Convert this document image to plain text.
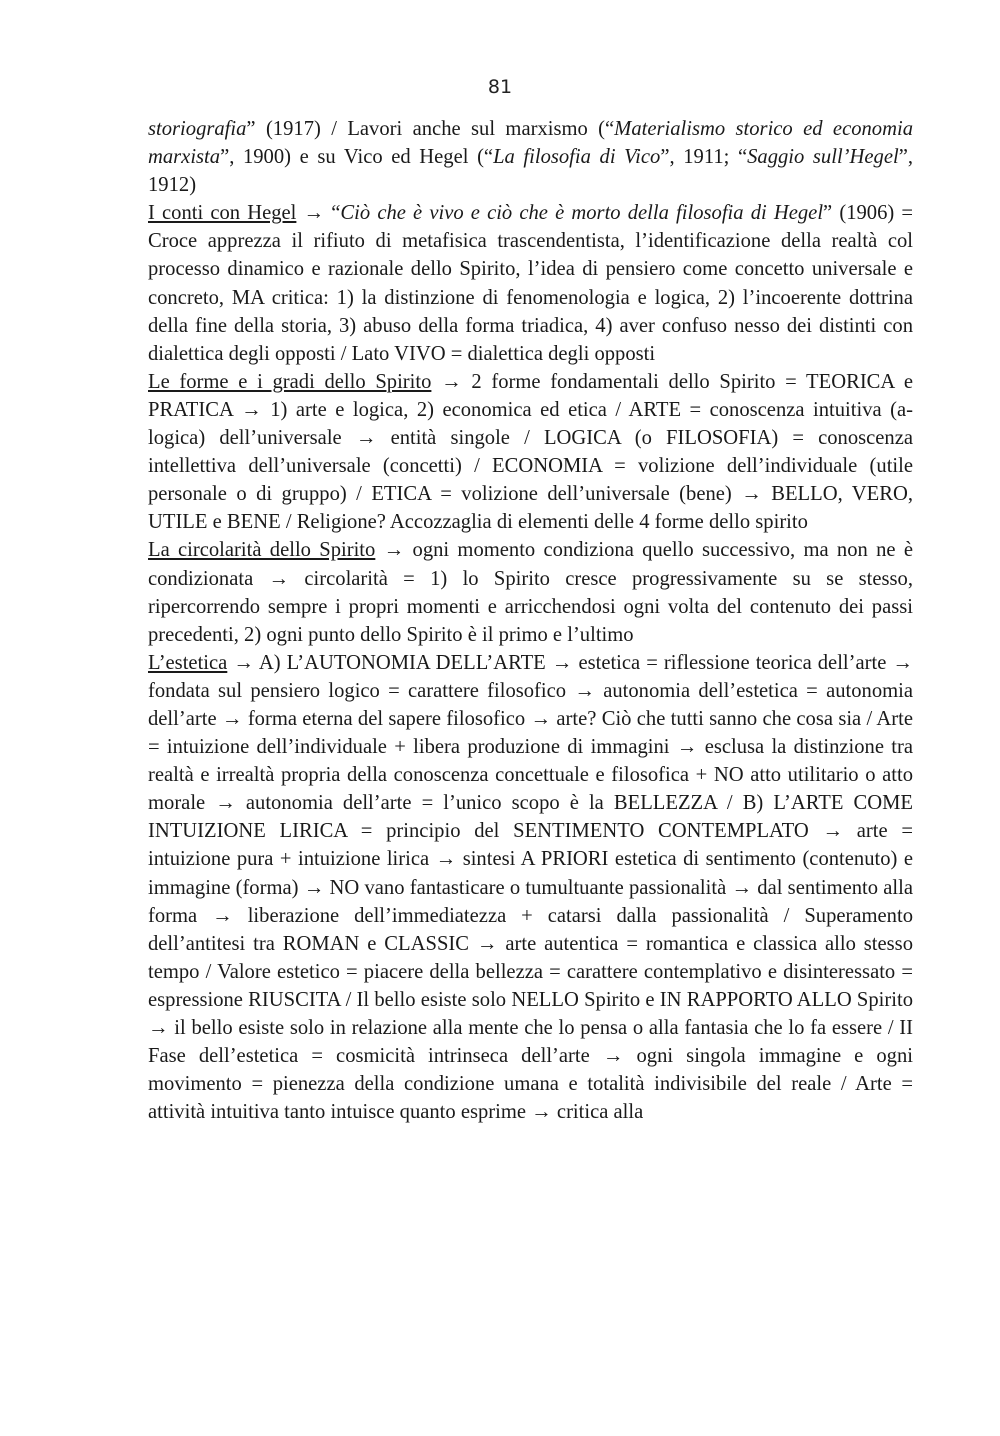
81

storiografia” (1917) / Lavori anche sul marxismo (“Materialismo storico ed economia marxista”, 1900) e su Vico ed Hegel (“La filosofia di Vico”, 1911; “Saggio sull’Hegel”, 1912)

I conti con Hegel → “Ciò che è vivo e ciò che è morto della filosofia di Hegel” (1906) = Croce apprezza il rifiuto di metafisica trascendentista, l’identificazione della realtà col processo dinamico e razionale dello Spirito, l’idea di pensiero come concetto universale e concreto, MA critica: 1) la distinzione di fenomenologia e logica, 2) l’incoerente dottrina della fine della storia, 3) abuso della forma triadica, 4) aver confuso nesso dei distinti con dialettica degli opposti / Lato VIVO = dialettica degli opposti

Le forme e i gradi dello Spirito → 2 forme fondamentali dello Spirito = TEORICA e PRATICA → 1) arte e logica, 2) economica ed etica / ARTE = conoscenza intuitiva (a-logica) dell’universale → entità singole / LOGICA (o FILOSOFIA) = conoscenza intellettiva dell’universale (concetti) / ECONOMIA = volizione dell’individuale (utile personale o di gruppo) / ETICA = volizione dell’universale (bene) → BELLO, VERO, UTILE e BENE / Religione? Accozzaglia di elementi delle 4 forme dello spirito

La circolarità dello Spirito → ogni momento condiziona quello successivo, ma non ne è condizionata → circolarità = 1) lo Spirito cresce progressivamente su se stesso, ripercorrendo sempre i propri momenti e arricchendosi ogni volta del contenuto dei passi precedenti, 2) ogni punto dello Spirito è il primo e l’ultimo

L’estetica → A) L’AUTONOMIA DELL’ARTE → estetica = riflessione teorica dell’arte → fondata sul pensiero logico = carattere filosofico → autonomia dell’estetica = autonomia dell’arte → forma eterna del sapere filosofico → arte? Ciò che tutti sanno che cosa sia / Arte = intuizione dell’individuale + libera produzione di immagini → esclusa la distinzione tra realtà e irrealtà propria della conoscenza concettuale e filosofica + NO atto utilitario o atto morale → autonomia dell’arte = l’unico scopo è la BELLEZZA / B) L’ARTE COME INTUIZIONE LIRICA = principio del SENTIMENTO CONTEMPLATO → arte = intuizione pura + intuizione lirica → sintesi A PRIORI estetica di sentimento (contenuto) e immagine (forma) → NO vano fantasticare o tumultuante passionalità → dal sentimento alla forma → liberazione dell’immediatezza + catarsi dalla passionalità / Superamento dell’antitesi tra ROMAN e CLASSIC → arte autentica = romantica e classica allo stesso tempo / Valore estetico = piacere della bellezza = carattere contemplativo e disinteressato = espressione RIUSCITA / Il bello esiste solo NELLO Spirito e IN RAPPORTO ALLO Spirito → il bello esiste solo in relazione alla mente che lo pensa o alla fantasia che lo fa essere / II Fase dell’estetica = cosmicità intrinseca dell’arte → ogni singola immagine e ogni movimento = pienezza della condizione umana e totalità indivisibile del reale / Arte = attività intuitiva tanto intuisce quanto esprime → critica alla
